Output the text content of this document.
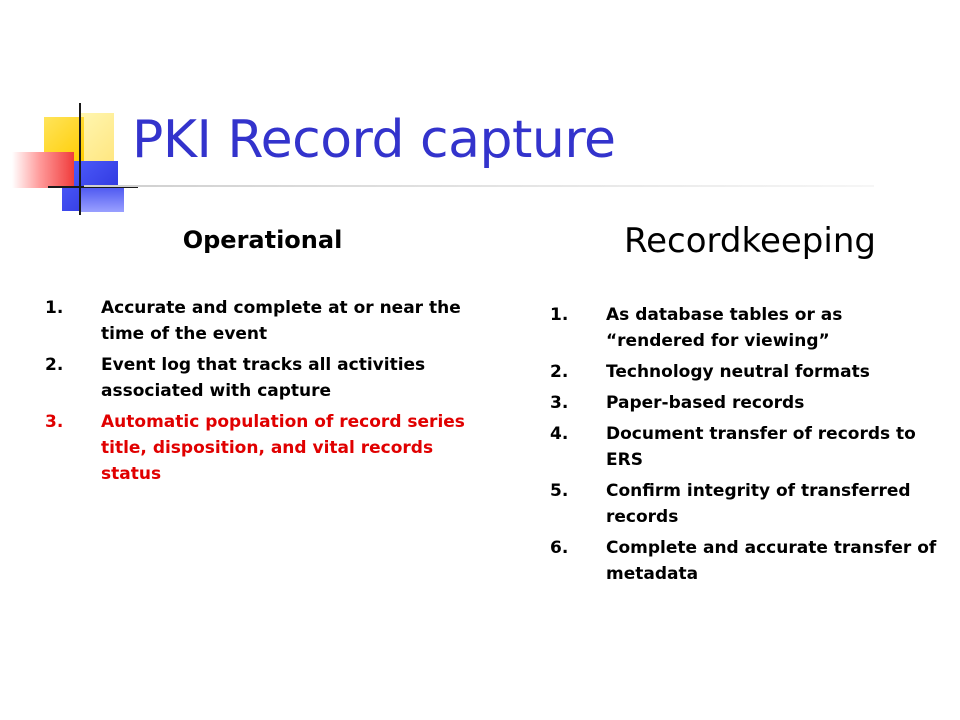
PKI Record capture
Operational	Recordkeeping
1. Accurate and complete at or near the time of the event
2. Event log that tracks all activities associated with capture
3. Automatic population of record series title, disposition, and vital records status
1. As database tables or as “rendered for viewing”
2. Technology neutral formats
3. Paper-based records
4. Document transfer of records to ERS
5. Confirm integrity of transferred records
6. Complete and accurate transfer of metadata
